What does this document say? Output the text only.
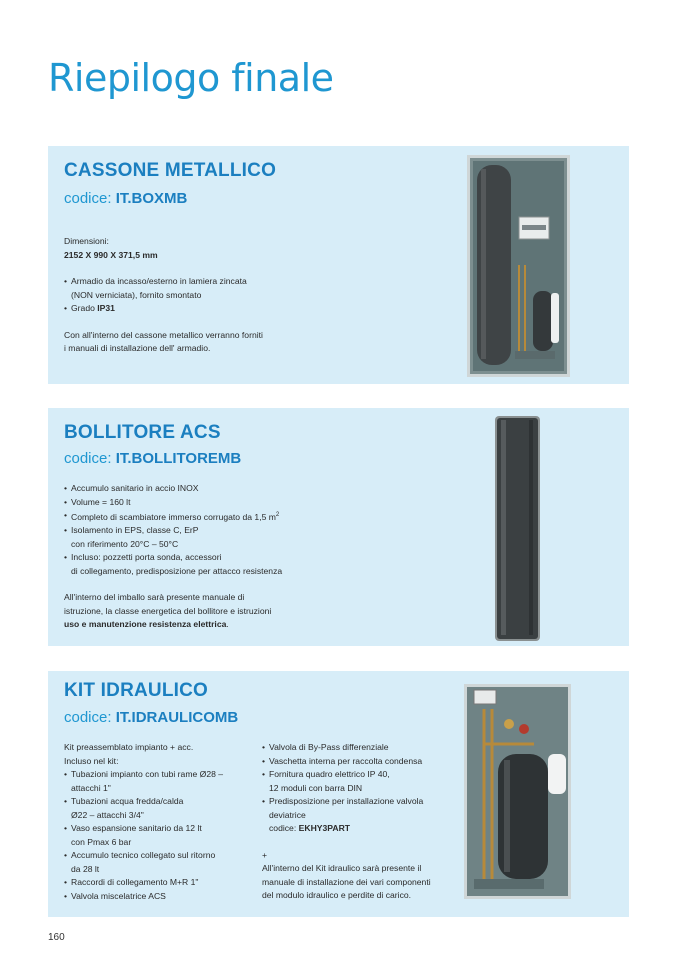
Riepilogo finale
CASSONE METALLICO
codice: IT.BOXMB

Dimensioni:

2152 X 990 X 371,5 mm

• Armadio da incasso/esterno in lamiera zincata
(NON verniciata), fornito smontato
• Grado IP31

Con all'interno del cassone metallico verranno forniti

i manuali di installazione dell' armadio.

BOLLITORE ACS
codice: IT.BOLLITOREMB
• Accumulo sanitario in accio INOX
• Volume = 160 lt
• Completo di scambiatore immerso corrugato da 1,5 $m^2$
• Isolamento in EPS, classe C, ErP
con riferimento 20°C – 50°C
• Incluso: pozzetti porta sonda, accessori
di collegamento, predisposizione per attacco resistenza

All'interno del imballo sarà presente manuale di

istruzione, la classe energetica del bollitore e istruzioni

uso e manutenzione resistenza elettrica.

KIT IDRAULICO
codice: IT.IDRAULICOMB

Kit preassemblato impianto + acc.

Incluso nel kit:

• Tubazioni impianto con tubi rame Ø28 –
attacchi 1"
• Tubazioni acqua fredda/calda
Ø22 – attacchi 3/4"
• Vaso espansione sanitario da 12 lt
con Pmax 6 bar
• Accumulo tecnico collegato sul ritorno
da 28 lt
• Raccordi di collegamento M+R 1"
• Valvola miscelatrice ACS
• Valvola di By-Pass differenziale
• Vaschetta interna per raccolta condensa
• Fornitura quadro elettrico IP 40,
12 moduli con barra DIN
• Predisposizione per installazione valvola
deviatrice
codice: EKHY3PART

+

All'interno del Kit idraulico sarà presente il

manuale di installazione dei vari componenti

del modulo idraulico e perdite di carico.

160
